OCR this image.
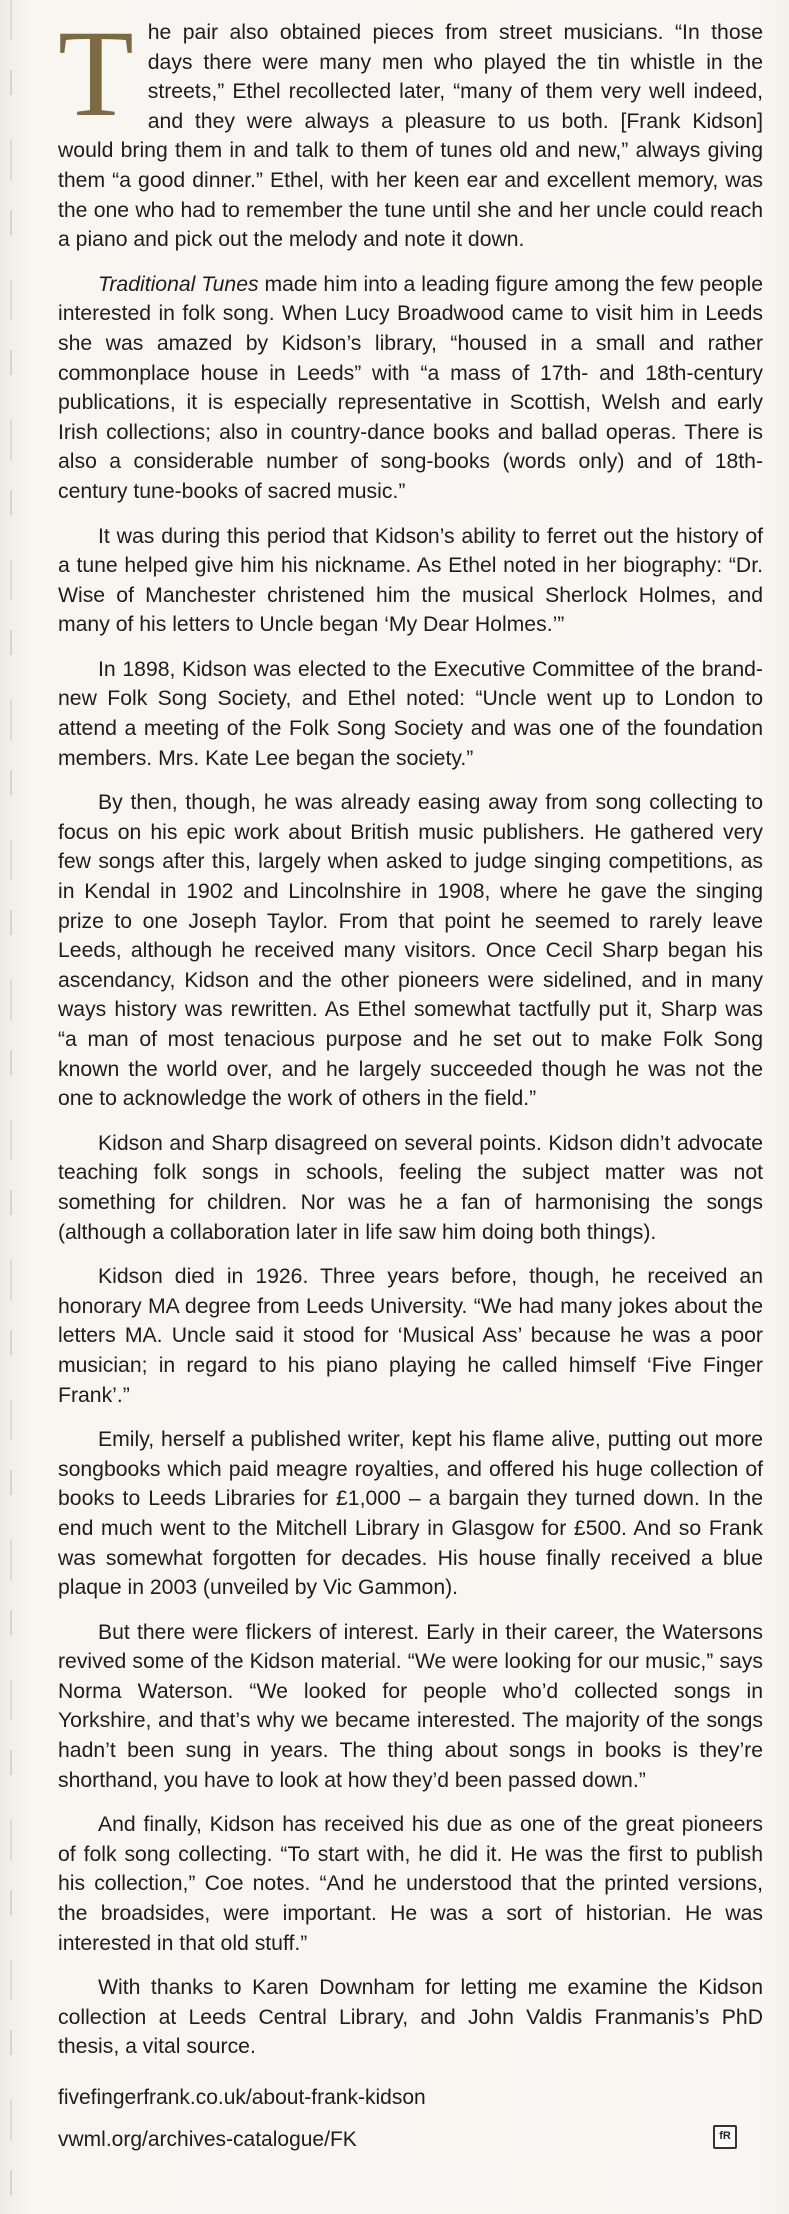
The pair also obtained pieces from street musicians. “In those days there were many men who played the tin whistle in the streets,” Ethel recollected later, “many of them very well indeed, and they were always a pleasure to us both. [Frank Kidson] would bring them in and talk to them of tunes old and new,” always giving them “a good dinner.” Ethel, with her keen ear and excellent memory, was the one who had to remember the tune until she and her uncle could reach a piano and pick out the melody and note it down.

Traditional Tunes made him into a leading figure among the few people interested in folk song. When Lucy Broadwood came to visit him in Leeds she was amazed by Kidson’s library, “housed in a small and rather commonplace house in Leeds” with “a mass of 17th- and 18th-century publications, it is especially representative in Scottish, Welsh and early Irish collections; also in country-dance books and ballad operas. There is also a considerable number of song-books (words only) and of 18th-century tune-books of sacred music.”

It was during this period that Kidson’s ability to ferret out the history of a tune helped give him his nickname. As Ethel noted in her biography: “Dr. Wise of Manchester christened him the musical Sherlock Holmes, and many of his letters to Uncle began ‘My Dear Holmes.’”

In 1898, Kidson was elected to the Executive Committee of the brand-new Folk Song Society, and Ethel noted: “Uncle went up to London to attend a meeting of the Folk Song Society and was one of the foundation members. Mrs. Kate Lee began the society.”

By then, though, he was already easing away from song collecting to focus on his epic work about British music publishers. He gathered very few songs after this, largely when asked to judge singing competitions, as in Kendal in 1902 and Lincolnshire in 1908, where he gave the singing prize to one Joseph Taylor. From that point he seemed to rarely leave Leeds, although he received many visitors. Once Cecil Sharp began his ascendancy, Kidson and the other pioneers were sidelined, and in many ways history was rewritten. As Ethel somewhat tactfully put it, Sharp was “a man of most tenacious purpose and he set out to make Folk Song known the world over, and he largely succeeded though he was not the one to acknowledge the work of others in the field.”

Kidson and Sharp disagreed on several points. Kidson didn’t advocate teaching folk songs in schools, feeling the subject matter was not something for children. Nor was he a fan of harmonising the songs (although a collaboration later in life saw him doing both things).

Kidson died in 1926. Three years before, though, he received an honorary MA degree from Leeds University. “We had many jokes about the letters MA. Uncle said it stood for ‘Musical Ass’ because he was a poor musician; in regard to his piano playing he called himself ‘Five Finger Frank’.”

Emily, herself a published writer, kept his flame alive, putting out more songbooks which paid meagre royalties, and offered his huge collection of books to Leeds Libraries for £1,000 – a bargain they turned down. In the end much went to the Mitchell Library in Glasgow for £500. And so Frank was somewhat forgotten for decades. His house finally received a blue plaque in 2003 (unveiled by Vic Gammon).

But there were flickers of interest. Early in their career, the Watersons revived some of the Kidson material. “We were looking for our music,” says Norma Waterson. “We looked for people who’d collected songs in Yorkshire, and that’s why we became interested. The majority of the songs hadn’t been sung in years. The thing about songs in books is they’re shorthand, you have to look at how they’d been passed down.”

And finally, Kidson has received his due as one of the great pioneers of folk song collecting. “To start with, he did it. He was the first to publish his collection,” Coe notes. “And he understood that the printed versions, the broadsides, were important. He was a sort of historian. He was interested in that old stuff.”

With thanks to Karen Downham for letting me examine the Kidson collection at Leeds Central Library, and John Valdis Franmanis’s PhD thesis, a vital source.

fivefingerfrank.co.uk/about-frank-kidson
vwml.org/archives-catalogue/FK	fR
